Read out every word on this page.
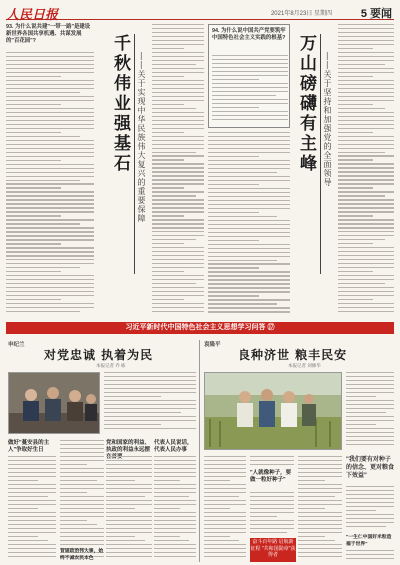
人民日报	2021年8月23日 星期四	5 要闻
93. 为什么说共建"一带一路"是建设新世界各国共享机遇、共谋发展的"百花园"?	千秋伟业强基石 ——关于实现中华民族伟大复兴的重要保障
94. 为什么说中国共产党要筑牢中国特色社会主义实践的根基? 万山磅礴有主峰 ——关于坚持和加强党的全面领导
习近平新时代中国特色社会主义思想学习问答 ⑰
申纪兰
对党忠诚 执着为民
本报记者 乔 栋
做好"蔓安县的主人"争取好生日
党和国家的利益、执政的利益永远摆
代表人民说话，代表人民办事
背诵政治伟大事，始终不减农民本色
袁隆平
良种济世 粮丰民安
本报记者 刘修华
"人就像种子，要做一粒好种子"
奋斗百年路 启航新征程 "共和国勋章"获得者
"我们要有对种子的信念、更对粮食下效益"
"一生仁中国好米粒造福于世界"
